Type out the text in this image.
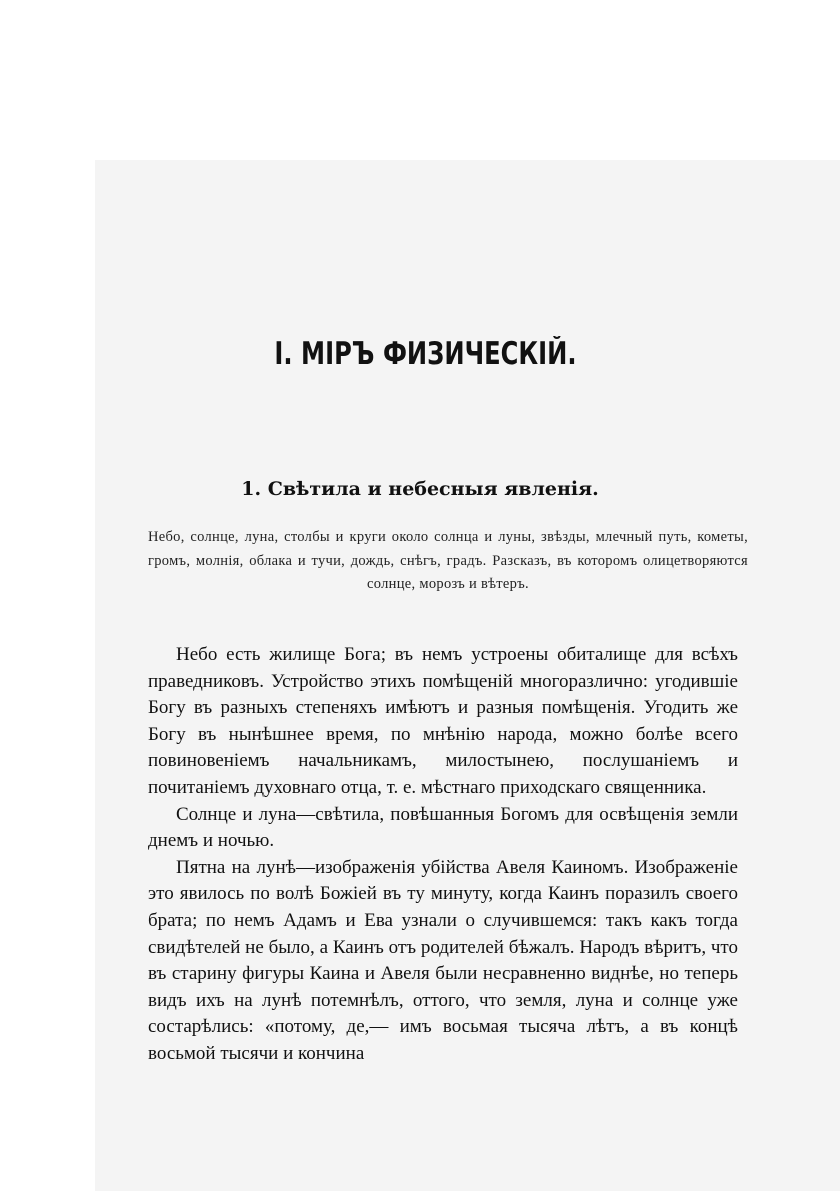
I. МІРЪ ФИЗИЧЕСКІЙ.
1. Свѣтила и небесныя явленія.
Небо, солнце, луна, столбы и круги около солнца и луны, звѣзды, млечный путь, кометы, громъ, молнія, облака и тучи, дождь, снѣгъ, градъ. Разсказъ, въ которомъ олицетворяются солнце, морозъ и вѣтеръ.

Небо есть жилище Бога; въ немъ устроены обиталище для всѣхъ праведниковъ. Устройство этихъ помѣщеній многоразлично: угодившіе Богу въ разныхъ степеняхъ имѣютъ и разныя помѣщенія. Угодить же Богу въ нынѣшнее время, по мнѣнію народа, можно болѣе всего повиновеніемъ начальникамъ, милостынею, послушаніемъ и почитаніемъ духовнаго отца, т. е. мѣстнаго приходскаго священника.

Солнце и луна—свѣтила, повѣшанныя Богомъ для освѣщенія земли днемъ и ночью.

Пятна на лунѣ—изображенія убійства Авеля Каиномъ. Изображеніе это явилось по волѣ Божіей въ ту минуту, когда Каинъ поразилъ своего брата; по немъ Адамъ и Ева узнали о случившемся: такъ какъ тогда свидѣтелей не было, а Каинъ отъ родителей бѣжалъ. Народъ вѣритъ, что въ старину фигуры Каина и Авеля были несравненно виднѣе, но теперь видъ ихъ на лунѣ потемнѣлъ, оттого, что земля, луна и солнце уже состарѣлись: «потому, де,— имъ восьмая тысяча лѣтъ, а въ концѣ восьмой тысячи и кончина
